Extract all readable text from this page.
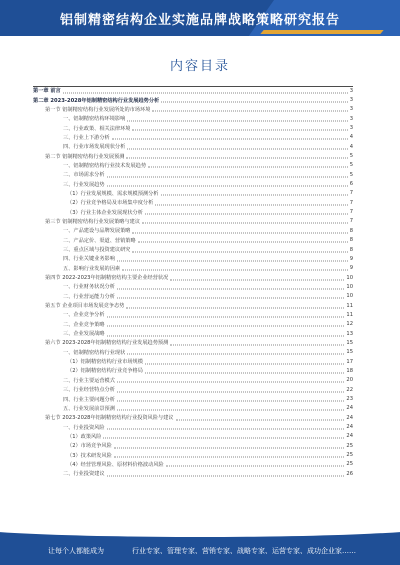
铝制精密结构企业实施品牌战略策略研究报告
内容目录
第一章 前言	3
第二章 2023-2028年铝制精密结构行业发展趋势分析	3
第一节 铝制精密结构行业发展所处的市场环境	3
一、铝制精密结构环境影响	3
二、行业政策、相关法律环境	3
三、行业上下游分析	4
四、行业市场发展现状分析	4
第二节 铝制精密结构行业发展预测	5
一、铝制精密结构行业技术发展趋势	5
二、市场需求分析	5
三、行业发展趋势	6
（1）行业发展规模、需求规模预测分析	7
（2）行业竞争格局及市场集中度分析	7
（3）行业主体企业发展现状分析	7
第三节 铝制精密结构行业发展策略与建议	7
一、产品建设与品牌发展策略	8
二、产品定价、渠道、营销策略	8
三、重点区域与投资建议研究	8
四、行业关键业务影响	9
五、影响行业发展的因素	9
第四节 2022-2023年铝制精密结构主要企业经营状况	10
一、行业财务状况分析	10
二、行业营运能力分析	10
第五节 企业项目市场发展竞争态势	11
一、企业竞争分析	11
二、企业竞争策略	12
三、企业发展战略	13
第六节 2023-2028年铝制精密结构行业发展趋势预测	15
一、铝制精密结构行业现状	15
（1）铝制精密结构行业市场规模	17
（2）铝制精密结构行业竞争格局	18
二、行业主要运营模式	20
三、行业经营特点分析	22
四、行业主要问题分析	23
五、行业发展前景预测	24
第七节 2023-2028年铝制精密结构行业投资风险与建议	24
一、行业投资风险	24
（1）政策风险	24
（2）市场竞争风险	25
（3）技术研发风险	25
（4）经营管理风险、原材料价格波动风险	25
二、行业投资建议	26
让每个人都能成为	行业专家、管理专家、营销专家、战略专家、运营专家、成功企业家……
